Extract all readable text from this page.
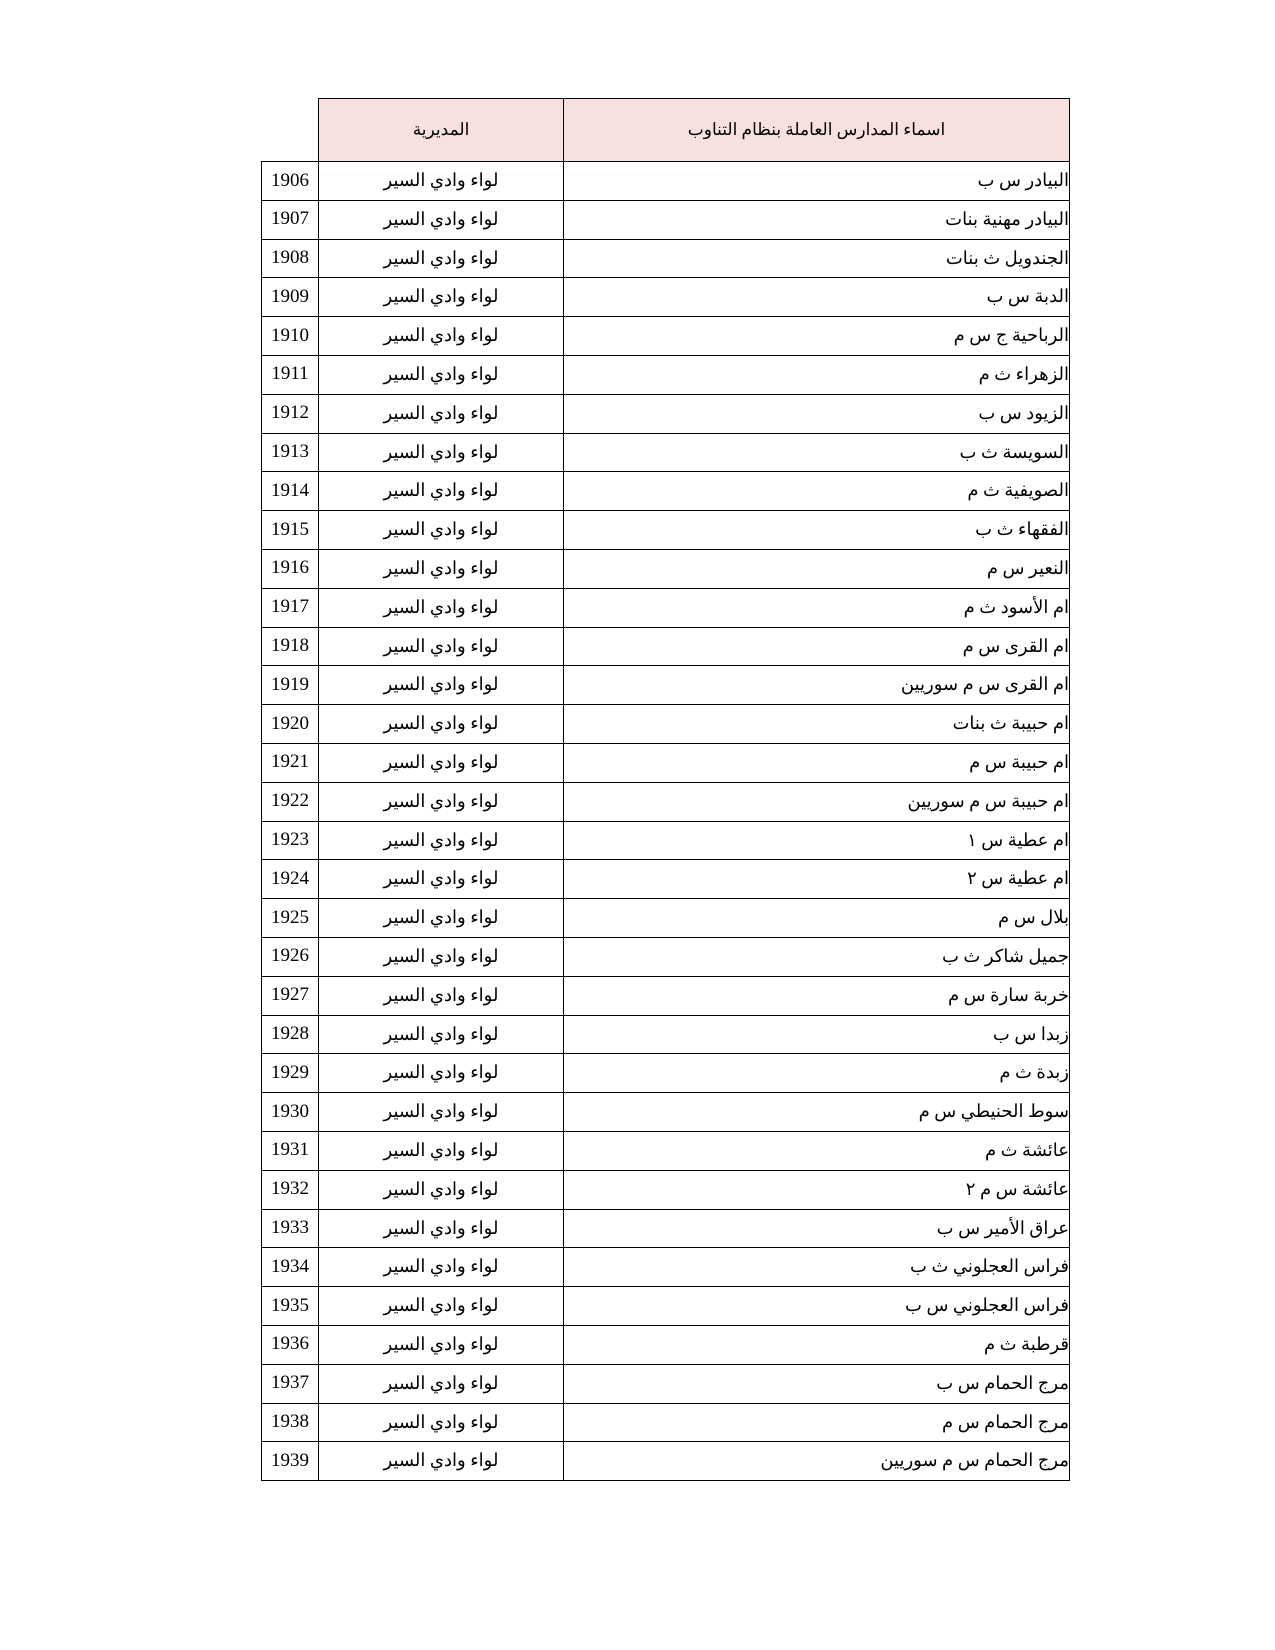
اسماء المدارس العاملة بنظام التناوب	المديرية	
البيادر س ب	لواء وادي السير	1906
البيادر مهنية بنات	لواء وادي السير	1907
الجندويل ث بنات	لواء وادي السير	1908
الدبة س ب	لواء وادي السير	1909
الرباحية ج س م	لواء وادي السير	1910
الزهراء ث م	لواء وادي السير	1911
الزيود س ب	لواء وادي السير	1912
السويسة ث ب	لواء وادي السير	1913
الصويفية ث م	لواء وادي السير	1914
الفقهاء ث ب	لواء وادي السير	1915
النعير س م	لواء وادي السير	1916
ام الأسود ث م	لواء وادي السير	1917
ام القرى س م	لواء وادي السير	1918
ام القرى س م سوريين	لواء وادي السير	1919
ام حبيبة ث بنات	لواء وادي السير	1920
ام حبيبة س م	لواء وادي السير	1921
ام حبيبة س م سوريين	لواء وادي السير	1922
ام عطية س ١	لواء وادي السير	1923
ام عطية س ٢	لواء وادي السير	1924
بلال س م	لواء وادي السير	1925
جميل شاكر ث ب	لواء وادي السير	1926
خربة سارة س م	لواء وادي السير	1927
زبدا س ب	لواء وادي السير	1928
زبدة ث م	لواء وادي السير	1929
سوط الحنيطي س م	لواء وادي السير	1930
عائشة ث م	لواء وادي السير	1931
عائشة س م ٢	لواء وادي السير	1932
عراق الأمير س ب	لواء وادي السير	1933
فراس العجلوني ث ب	لواء وادي السير	1934
فراس العجلوني س ب	لواء وادي السير	1935
قرطبة ث م	لواء وادي السير	1936
مرج الحمام س ب	لواء وادي السير	1937
مرج الحمام س م	لواء وادي السير	1938
مرج الحمام س م سوريين	لواء وادي السير	1939
